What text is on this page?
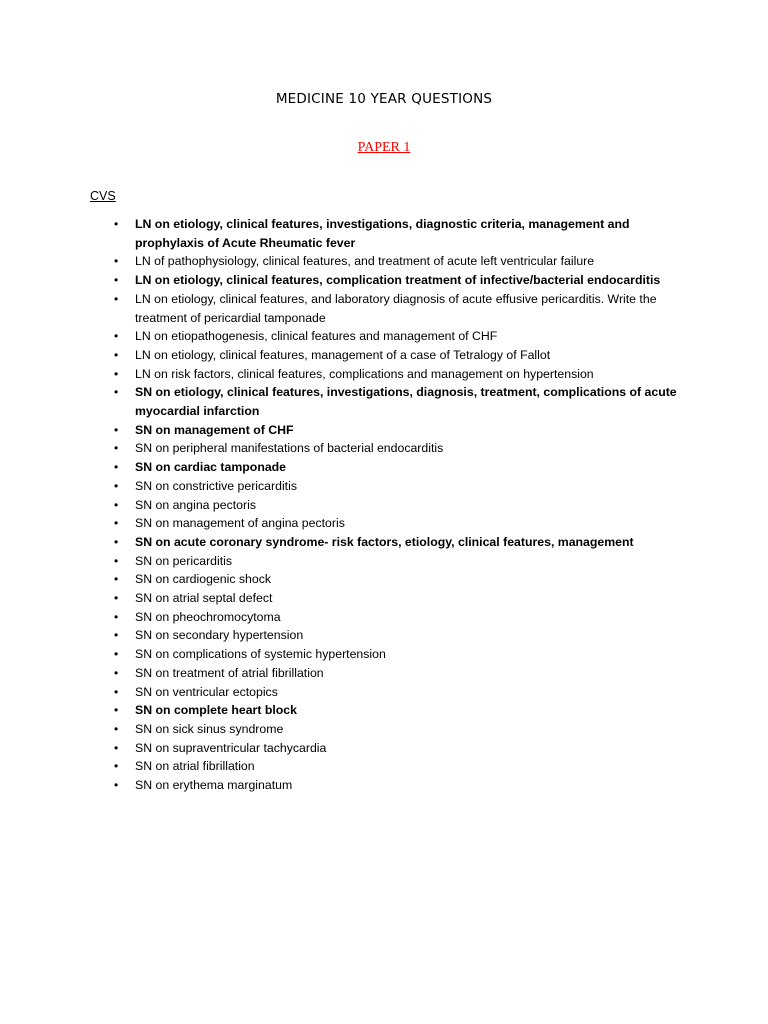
MEDICINE 10 YEAR QUESTIONS
PAPER 1
CVS
• LN on etiology, clinical features, investigations, diagnostic criteria, management and prophylaxis of Acute Rheumatic fever
• LN of pathophysiology, clinical features, and treatment of acute left ventricular failure
• LN on etiology, clinical features, complication treatment of infective/bacterial endocarditis
• LN on etiology, clinical features, and laboratory diagnosis of acute effusive pericarditis. Write the treatment of pericardial tamponade
• LN on etiopathogenesis, clinical features and management of CHF
• LN on etiology, clinical features, management of a case of Tetralogy of Fallot
• LN on risk factors, clinical features, complications and management on hypertension
• SN on etiology, clinical features, investigations, diagnosis, treatment, complications of acute myocardial infarction
• SN on management of CHF
• SN on peripheral manifestations of bacterial endocarditis
• SN on cardiac tamponade
• SN on constrictive pericarditis
• SN on angina pectoris
• SN on management of angina pectoris
• SN on acute coronary syndrome- risk factors, etiology, clinical features, management
• SN on pericarditis
• SN on cardiogenic shock
• SN on atrial septal defect
• SN on pheochromocytoma
• SN on secondary hypertension
• SN on complications of systemic hypertension
• SN on treatment of atrial fibrillation
• SN on ventricular ectopics
• SN on complete heart block
• SN on sick sinus syndrome
• SN on supraventricular tachycardia
• SN on atrial fibrillation
• SN on erythema marginatum
